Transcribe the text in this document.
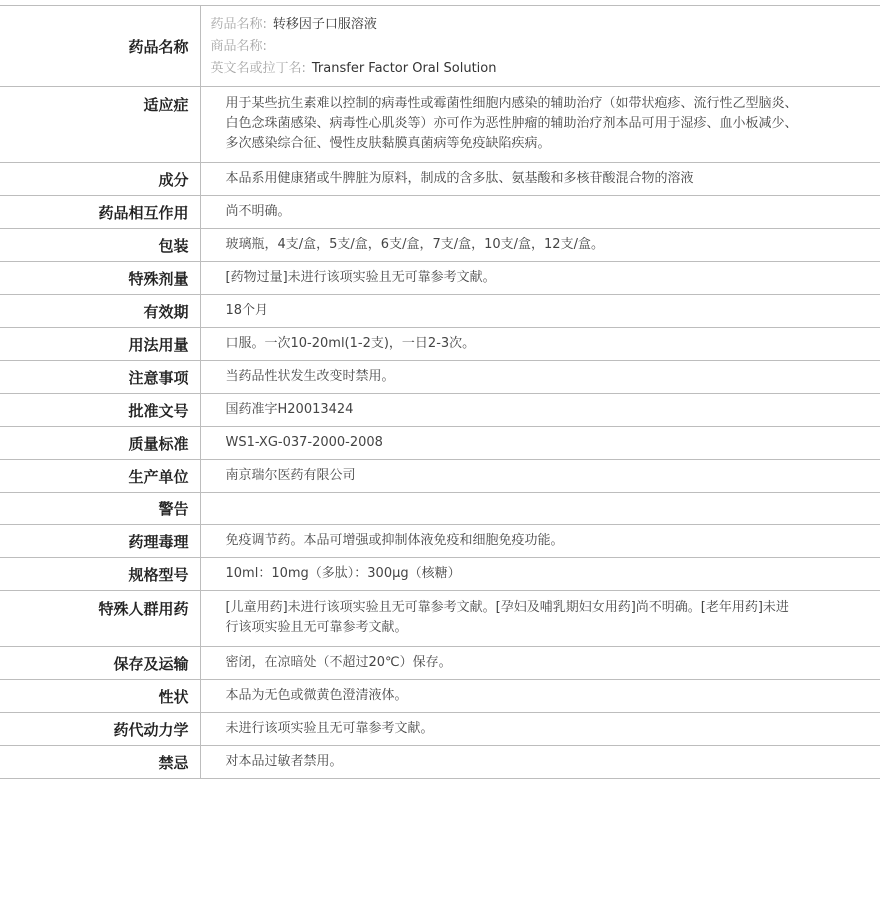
药品名称	药品名称: 转移因子口服溶液
商品名称:
英文名或拉丁名: Transfer Factor Oral Solution

适应症	用于某些抗生素难以控制的病毒性或霉菌性细胞内感染的辅助治疗（如带状疱疹、流行性乙型脑炎、白色念珠菌感染、病毒性心肌炎等）亦可作为恶性肿瘤的辅助治疗剂本品可用于湿疹、血小板减少、多次感染综合征、慢性皮肤黏膜真菌病等免疫缺陷疾病。
成分	本品系用健康猪或牛脾脏为原料，制成的含多肽、氨基酸和多核苷酸混合物的溶液
药品相互作用	尚不明确。
包装	玻璃瓶，4支/盒，5支/盒，6支/盒，7支/盒，10支/盒，12支/盒。
特殊剂量	[药物过量]未进行该项实验且无可靠参考文献。
有效期	18个月
用法用量	口服。一次10-20ml(1-2支)，一日2-3次。
注意事项	当药品性状发生改变时禁用。
批准文号	国药准字H20013424
质量标准	WS1-XG-037-2000-2008
生产单位	南京瑞尔医药有限公司
警告	
药理毒理	免疫调节药。本品可增强或抑制体液免疫和细胞免疫功能。
规格型号	10ml：10mg（多肽）：300μg（核糖）
特殊人群用药	[儿童用药]未进行该项实验且无可靠参考文献。[孕妇及哺乳期妇女用药]尚不明确。[老年用药]未进行该项实验且无可靠参考文献。
保存及运输	密闭，在凉暗处（不超过20℃）保存。
性状	本品为无色或微黄色澄清液体。
药代动力学	未进行该项实验且无可靠参考文献。
禁忌	对本品过敏者禁用。
